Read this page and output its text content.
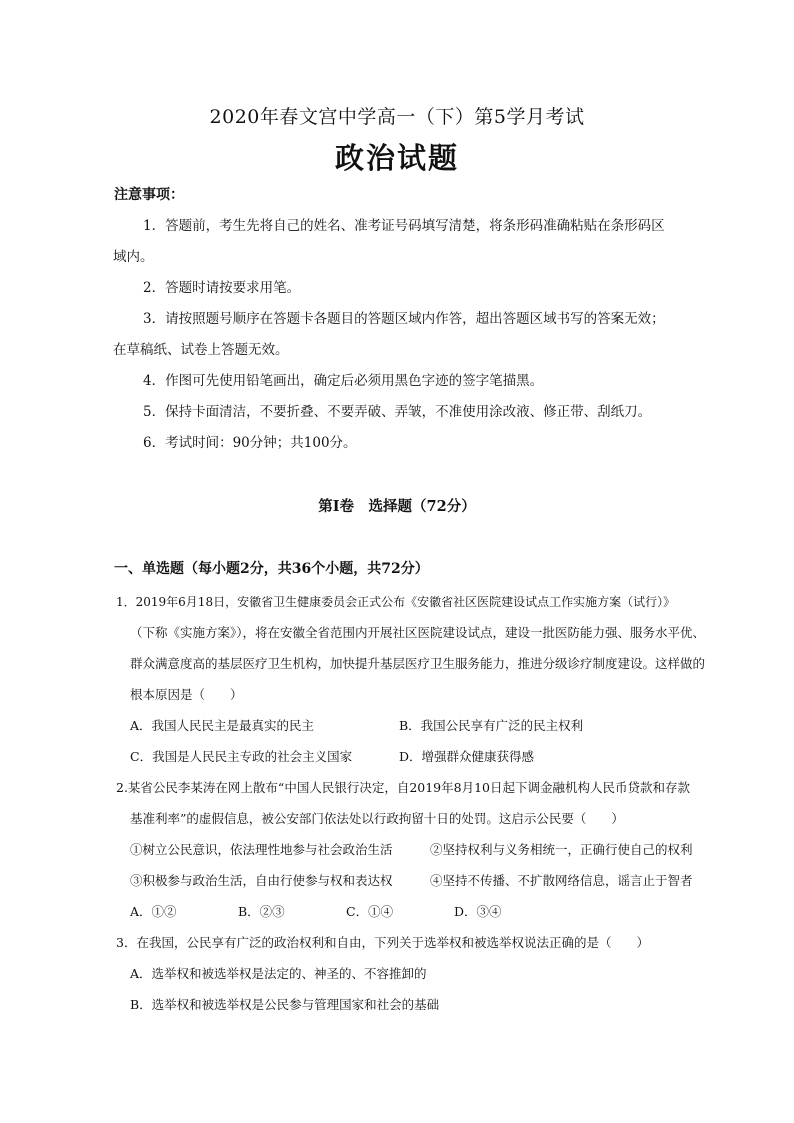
2020年春文宫中学高一（下）第5学月考试
政治试题
注意事项：
1．答题前，考生先将自己的姓名、准考证号码填写清楚，将条形码准确粘贴在条形码区
域内。
2．答题时请按要求用笔。
3．请按照题号顺序在答题卡各题目的答题区域内作答，超出答题区域书写的答案无效；
在草稿纸、试卷上答题无效。
4．作图可先使用铅笔画出，确定后必须用黑色字迹的签字笔描黑。
5．保持卡面清洁，不要折叠、不要弄破、弄皱，不准使用涂改液、修正带、刮纸刀。
6．考试时间：90分钟；共100分。
第Ⅰ卷　选择题（72分）
一、单选题（每小题2分，共36个小题，共72分）
1．2019年6月18日，安徽省卫生健康委员会正式公布《安徽省社区医院建设试点工作实施方案（试行）》
（下称《实施方案》），将在安徽全省范围内开展社区医院建设试点，建设一批医防能力强、服务水平优、
群众满意度高的基层医疗卫生机构，加快提升基层医疗卫生服务能力，推进分级诊疗制度建设。这样做的
根本原因是（　　）
A．我国人民民主是最真实的民主	B．我国公民享有广泛的民主权利
C．我国是人民民主专政的社会主义国家	D．增强群众健康获得感
2.某省公民李某涛在网上散布“中国人民银行决定，自2019年8月10日起下调金融机构人民币贷款和存款
基准利率”的虚假信息，被公安部门依法处以行政拘留十日的处罚。这启示公民要（　　）
①树立公民意识，依法理性地参与社会政治生活	②坚持权利与义务相统一，正确行使自己的权利
③积极参与政治生活，自由行使参与权和表达权	④坚持不传播、不扩散网络信息，谣言止于智者
A．①②	B．②③	C．①④	D．③④
3．在我国，公民享有广泛的政治权利和自由，下列关于选举权和被选举权说法正确的是（　　）
A．选举权和被选举权是法定的、神圣的、不容推卸的
B．选举权和被选举权是公民参与管理国家和社会的基础
